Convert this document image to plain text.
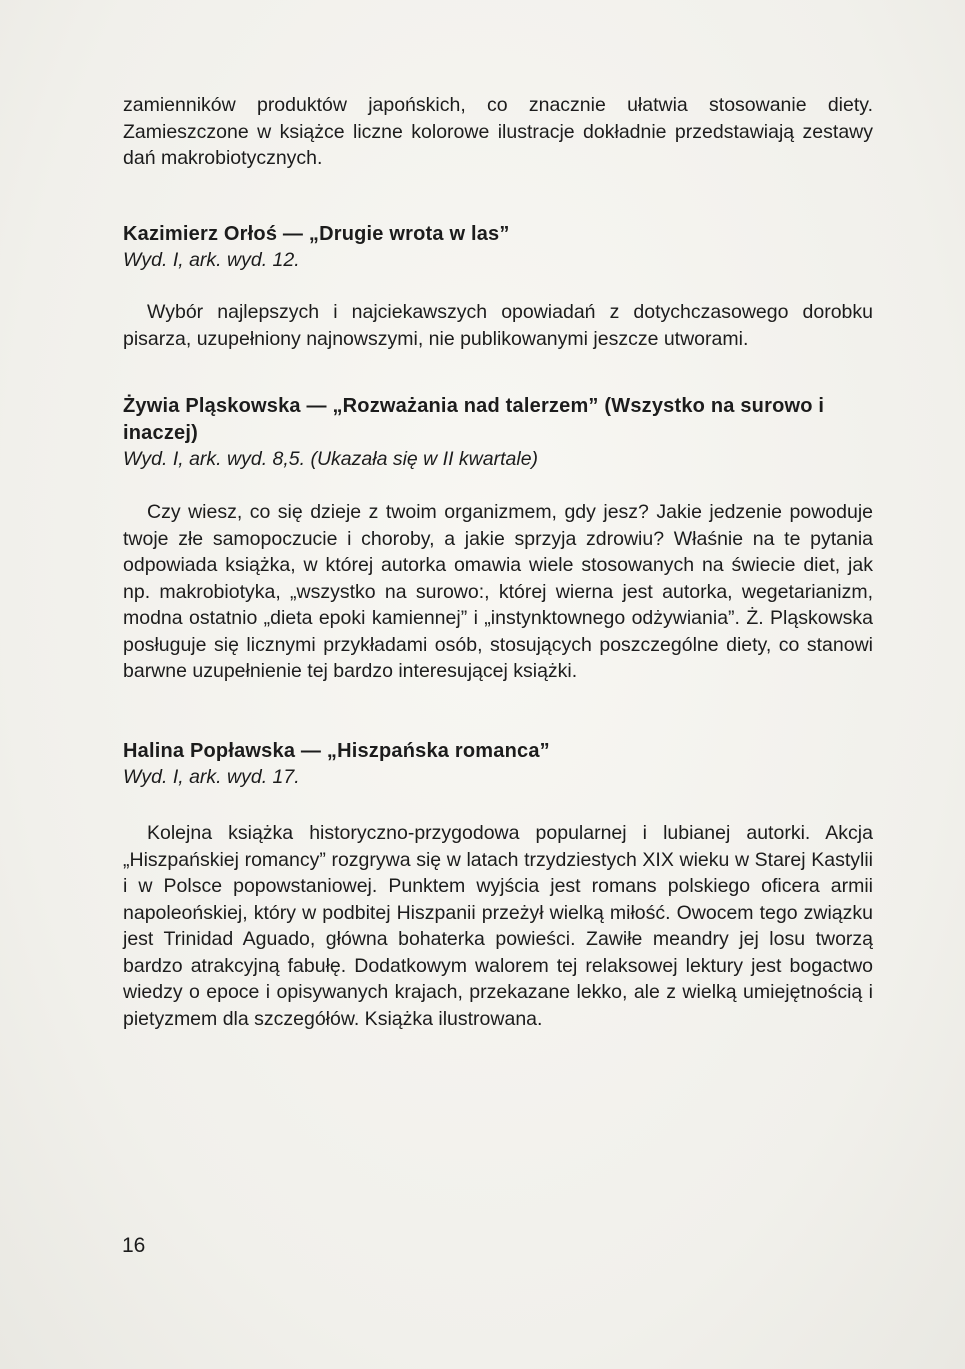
zamienników produktów japońskich, co znacznie ułatwia stosowanie diety. Zamieszczone w książce liczne kolorowe ilustracje dokładnie przedstawiają zestawy dań makrobiotycznych.

Kazimierz Orłoś — „Drugie wrota w las”
Wyd. I, ark. wyd. 12.

Wybór najlepszych i najciekawszych opowiadań z dotychczasowego dorobku pisarza, uzupełniony najnowszymi, nie publikowanymi jeszcze utworami.

Żywia Pląskowska — „Rozważania nad talerzem” (Wszystko na surowo i inaczej)
Wyd. I, ark. wyd. 8,5. (Ukazała się w II kwartale)

Czy wiesz, co się dzieje z twoim organizmem, gdy jesz? Jakie jedzenie powoduje twoje złe samopoczucie i choroby, a jakie sprzyja zdrowiu? Właśnie na te pytania odpowiada książka, w której autorka omawia wiele stosowanych na świecie diet, jak np. makrobiotyka, „wszystko na surowo:, której wierna jest autorka, wegetarianizm, modna ostatnio „dieta epoki kamiennej” i „instynktownego odżywiania”. Ż. Pląskowska posługuje się licznymi przykładami osób, stosujących poszczególne diety, co stanowi barwne uzupełnienie tej bardzo interesującej książki.

Halina Popławska — „Hiszpańska romanca”
Wyd. I, ark. wyd. 17.

Kolejna książka historyczno-przygodowa popularnej i lubianej autorki. Akcja „Hiszpańskiej romancy” rozgrywa się w latach trzydziestych XIX wieku w Starej Kastylii i w Polsce popowstaniowej. Punktem wyjścia jest romans polskiego oficera armii napoleońskiej, który w podbitej Hiszpanii przeżył wielką miłość. Owocem tego związku jest Trinidad Aguado, główna bohaterka powieści. Zawiłe meandry jej losu tworzą bardzo atrakcyjną fabułę. Dodatkowym walorem tej relaksowej lektury jest bogactwo wiedzy o epoce i opisywanych krajach, przekazane lekko, ale z wielką umiejętnością i pietyzmem dla szczegółów. Książka ilustrowana.

16
